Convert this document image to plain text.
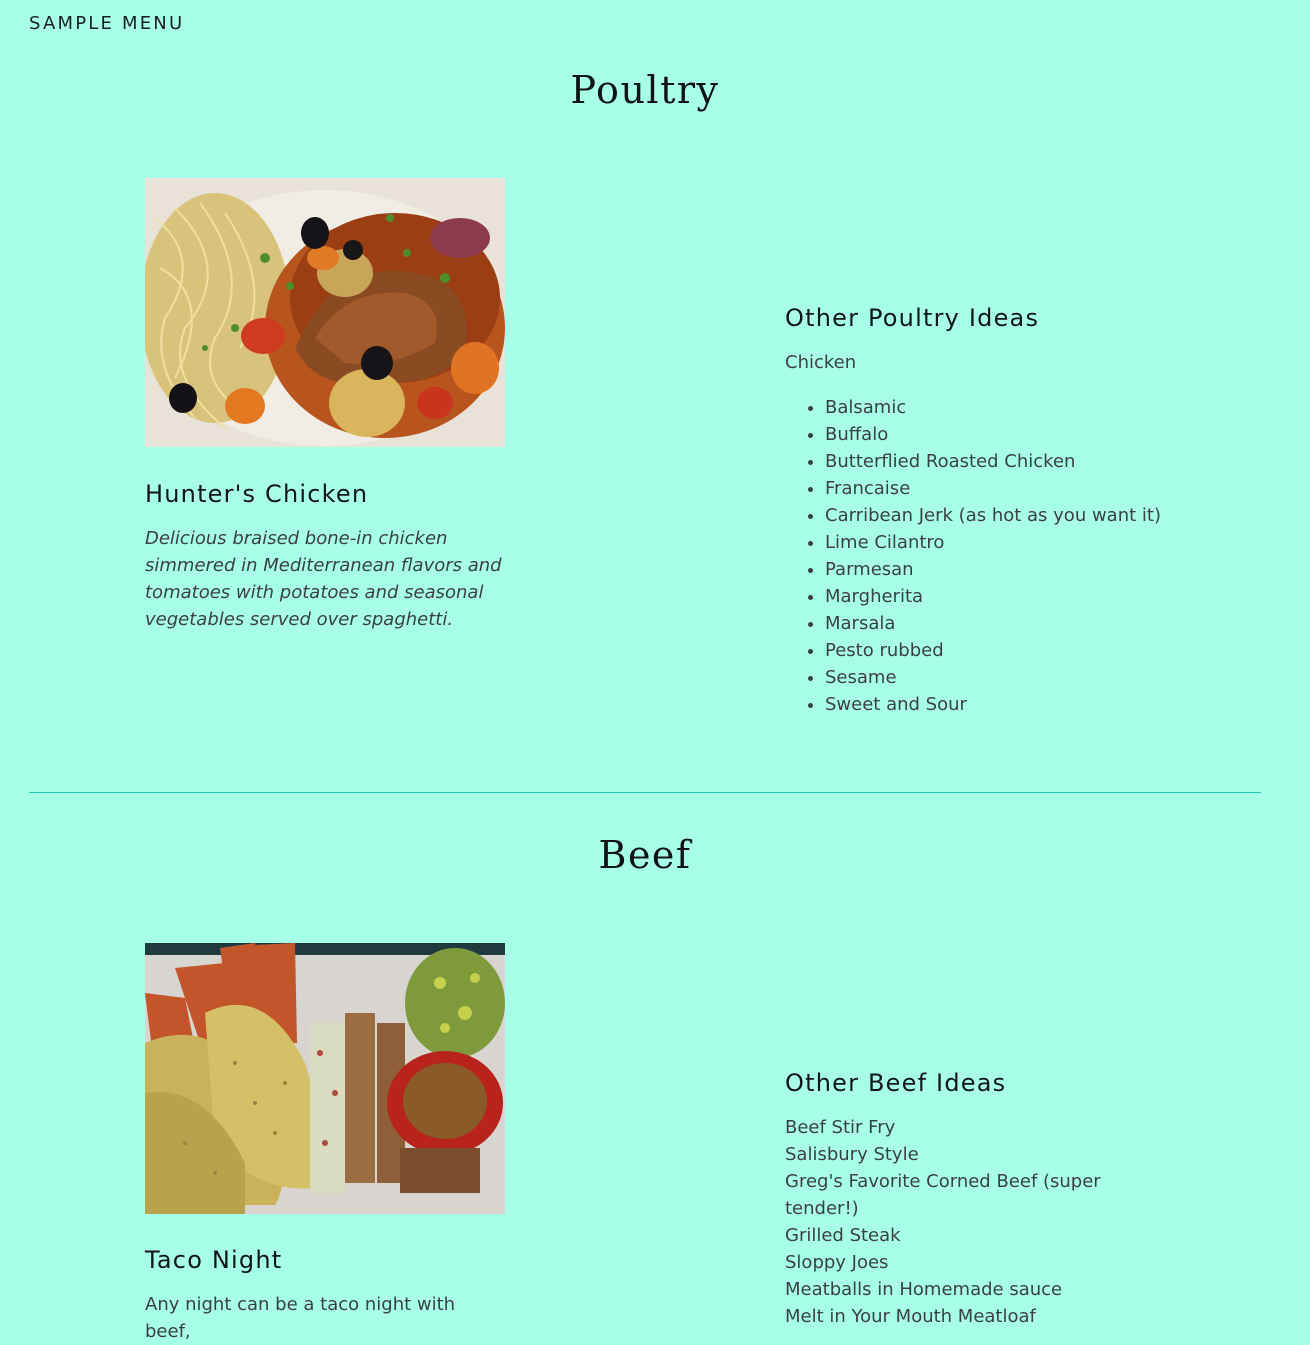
SAMPLE MENU
Poultry
Hunter's Chicken
Delicious braised bone-in chicken simmered in Mediterranean flavors and tomatoes with potatoes and seasonal vegetables served over spaghetti.
Other Poultry Ideas
Chicken
• Balsamic
• Buffalo
• Butterflied Roasted Chicken
• Francaise
• Carribean Jerk (as hot as you want it)
• Lime Cilantro
• Parmesan
• Margherita
• Marsala
• Pesto rubbed
• Sesame
• Sweet and Sour
Beef
Taco Night
Any night can be a taco night with beef,
Other Beef Ideas
Beef Stir Fry
Salisbury Style
Greg's Favorite Corned Beef (super tender!)
Grilled Steak
Sloppy Joes
Meatballs in Homemade sauce
Melt in Your Mouth Meatloaf
